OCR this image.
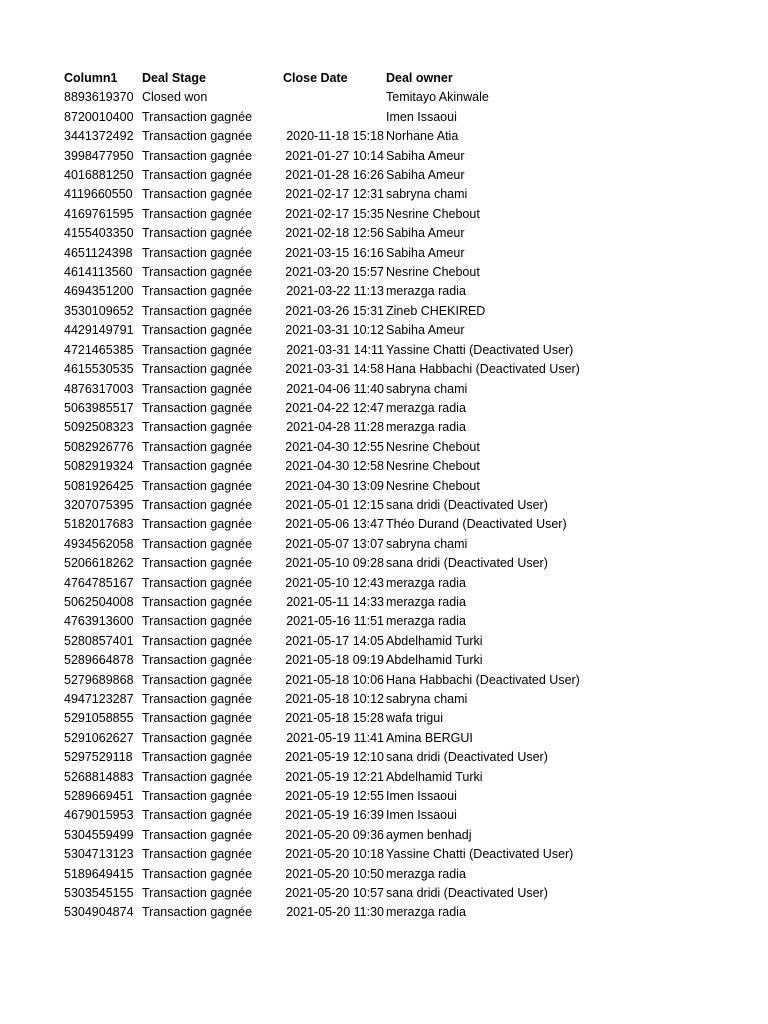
Column1	Deal Stage	Close Date	Deal owner
8893619370	Closed won		Temitayo Akinwale
8720010400	Transaction gagnée		Imen Issaoui
3441372492	Transaction gagnée	2020-11-18 15:18	Norhane Atia
3998477950	Transaction gagnée	2021-01-27 10:14	Sabiha Ameur
4016881250	Transaction gagnée	2021-01-28 16:26	Sabiha Ameur
4119660550	Transaction gagnée	2021-02-17 12:31	sabryna chami
4169761595	Transaction gagnée	2021-02-17 15:35	Nesrine Chebout
4155403350	Transaction gagnée	2021-02-18 12:56	Sabiha Ameur
4651124398	Transaction gagnée	2021-03-15 16:16	Sabiha Ameur
4614113560	Transaction gagnée	2021-03-20 15:57	Nesrine Chebout
4694351200	Transaction gagnée	2021-03-22 11:13	merazga radia
3530109652	Transaction gagnée	2021-03-26 15:31	Zineb CHEKIRED
4429149791	Transaction gagnée	2021-03-31 10:12	Sabiha Ameur
4721465385	Transaction gagnée	2021-03-31 14:11	Yassine Chatti (Deactivated User)
4615530535	Transaction gagnée	2021-03-31 14:58	Hana Habbachi (Deactivated User)
4876317003	Transaction gagnée	2021-04-06 11:40	sabryna chami
5063985517	Transaction gagnée	2021-04-22 12:47	merazga radia
5092508323	Transaction gagnée	2021-04-28 11:28	merazga radia
5082926776	Transaction gagnée	2021-04-30 12:55	Nesrine Chebout
5082919324	Transaction gagnée	2021-04-30 12:58	Nesrine Chebout
5081926425	Transaction gagnée	2021-04-30 13:09	Nesrine Chebout
3207075395	Transaction gagnée	2021-05-01 12:15	sana dridi (Deactivated User)
5182017683	Transaction gagnée	2021-05-06 13:47	Théo Durand (Deactivated User)
4934562058	Transaction gagnée	2021-05-07 13:07	sabryna chami
5206618262	Transaction gagnée	2021-05-10 09:28	sana dridi (Deactivated User)
4764785167	Transaction gagnée	2021-05-10 12:43	merazga radia
5062504008	Transaction gagnée	2021-05-11 14:33	merazga radia
4763913600	Transaction gagnée	2021-05-16 11:51	merazga radia
5280857401	Transaction gagnée	2021-05-17 14:05	Abdelhamid Turki
5289664878	Transaction gagnée	2021-05-18 09:19	Abdelhamid Turki
5279689868	Transaction gagnée	2021-05-18 10:06	Hana Habbachi (Deactivated User)
4947123287	Transaction gagnée	2021-05-18 10:12	sabryna chami
5291058855	Transaction gagnée	2021-05-18 15:28	wafa trigui
5291062627	Transaction gagnée	2021-05-19 11:41	Amina BERGUI
5297529118	Transaction gagnée	2021-05-19 12:10	sana dridi (Deactivated User)
5268814883	Transaction gagnée	2021-05-19 12:21	Abdelhamid Turki
5289669451	Transaction gagnée	2021-05-19 12:55	Imen Issaoui
4679015953	Transaction gagnée	2021-05-19 16:39	Imen Issaoui
5304559499	Transaction gagnée	2021-05-20 09:36	aymen benhadj
5304713123	Transaction gagnée	2021-05-20 10:18	Yassine Chatti (Deactivated User)
5189649415	Transaction gagnée	2021-05-20 10:50	merazga radia
5303545155	Transaction gagnée	2021-05-20 10:57	sana dridi (Deactivated User)
5304904874	Transaction gagnée	2021-05-20 11:30	merazga radia
